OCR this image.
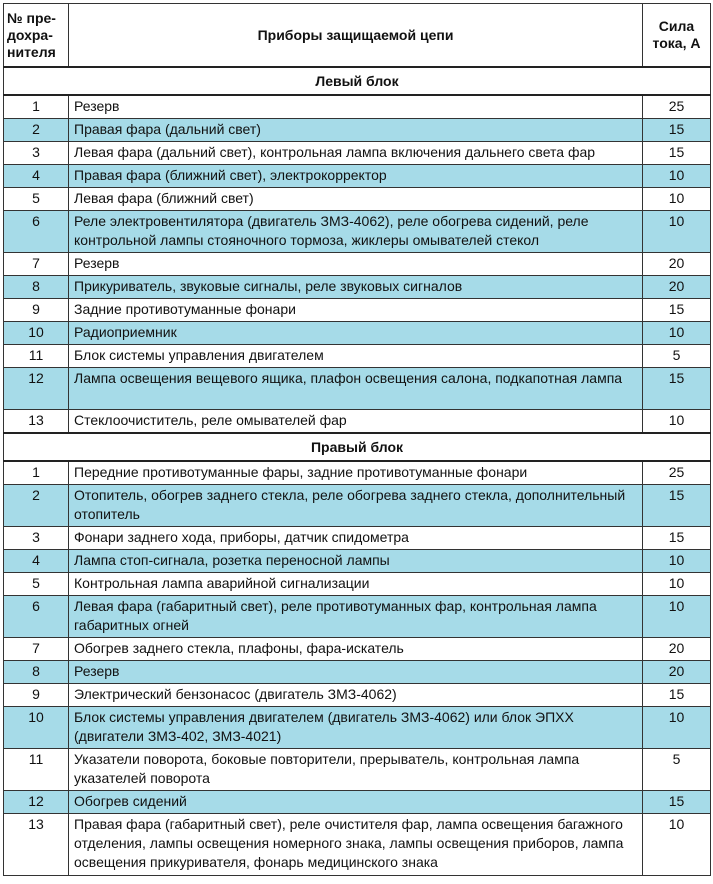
№ пре-
дохра-
нителя	Приборы защищаемой цепи	Сила
тока, А
Левый блок		
1	Резерв	25
2	Правая фара (дальний свет)	15
3	Левая фара (дальний свет), контрольная лампа включения дальнего света фар	15
4	Правая фара (ближний свет), электрокорректор	10
5	Левая фара (ближний свет)	10
6	Реле электровентилятора (двигатель ЗМЗ-4062), реле обогрева сидений, реле контрольной лампы стояночного тормоза, жиклеры омывателей стекол	10
7	Резерв	20
8	Прикуриватель, звуковые сигналы, реле звуковых сигналов	20
9	Задние противотуманные фонари	15
10	Радиоприемник	10
11	Блок системы управления двигателем	5
12	Лампа освещения вещевого ящика, плафон освещения салона, подкапотная лампа	15
13	Стеклоочиститель, реле омывателей фар	10
Правый блок		
1	Передние противотуманные фары, задние противотуманные фонари	25
2	Отопитель, обогрев заднего стекла, реле обогрева заднего стекла, дополнительный отопитель	15
3	Фонари заднего хода, приборы, датчик спидометра	15
4	Лампа стоп-сигнала, розетка переносной лампы	10
5	Контрольная лампа аварийной сигнализации	10
6	Левая фара (габаритный свет), реле противотуманных фар, контрольная лампа габаритных огней	10
7	Обогрев заднего стекла, плафоны, фара-искатель	20
8	Резерв	20
9	Электрический бензонасос (двигатель ЗМЗ-4062)	15
10	Блок системы управления двигателем (двигатель ЗМЗ-4062) или блок ЭПХХ (двигатели ЗМЗ-402, ЗМЗ-4021)	10
11	Указатели поворота, боковые повторители, прерыватель, контрольная лампа указателей поворота	5
12	Обогрев сидений	15
13	Правая фара (габаритный свет), реле очистителя фар, лампа освещения багажного отделения, лампы освещения номерного знака, лампы освещения приборов, лампа освещения прикуривателя, фонарь медицинского знака	10
